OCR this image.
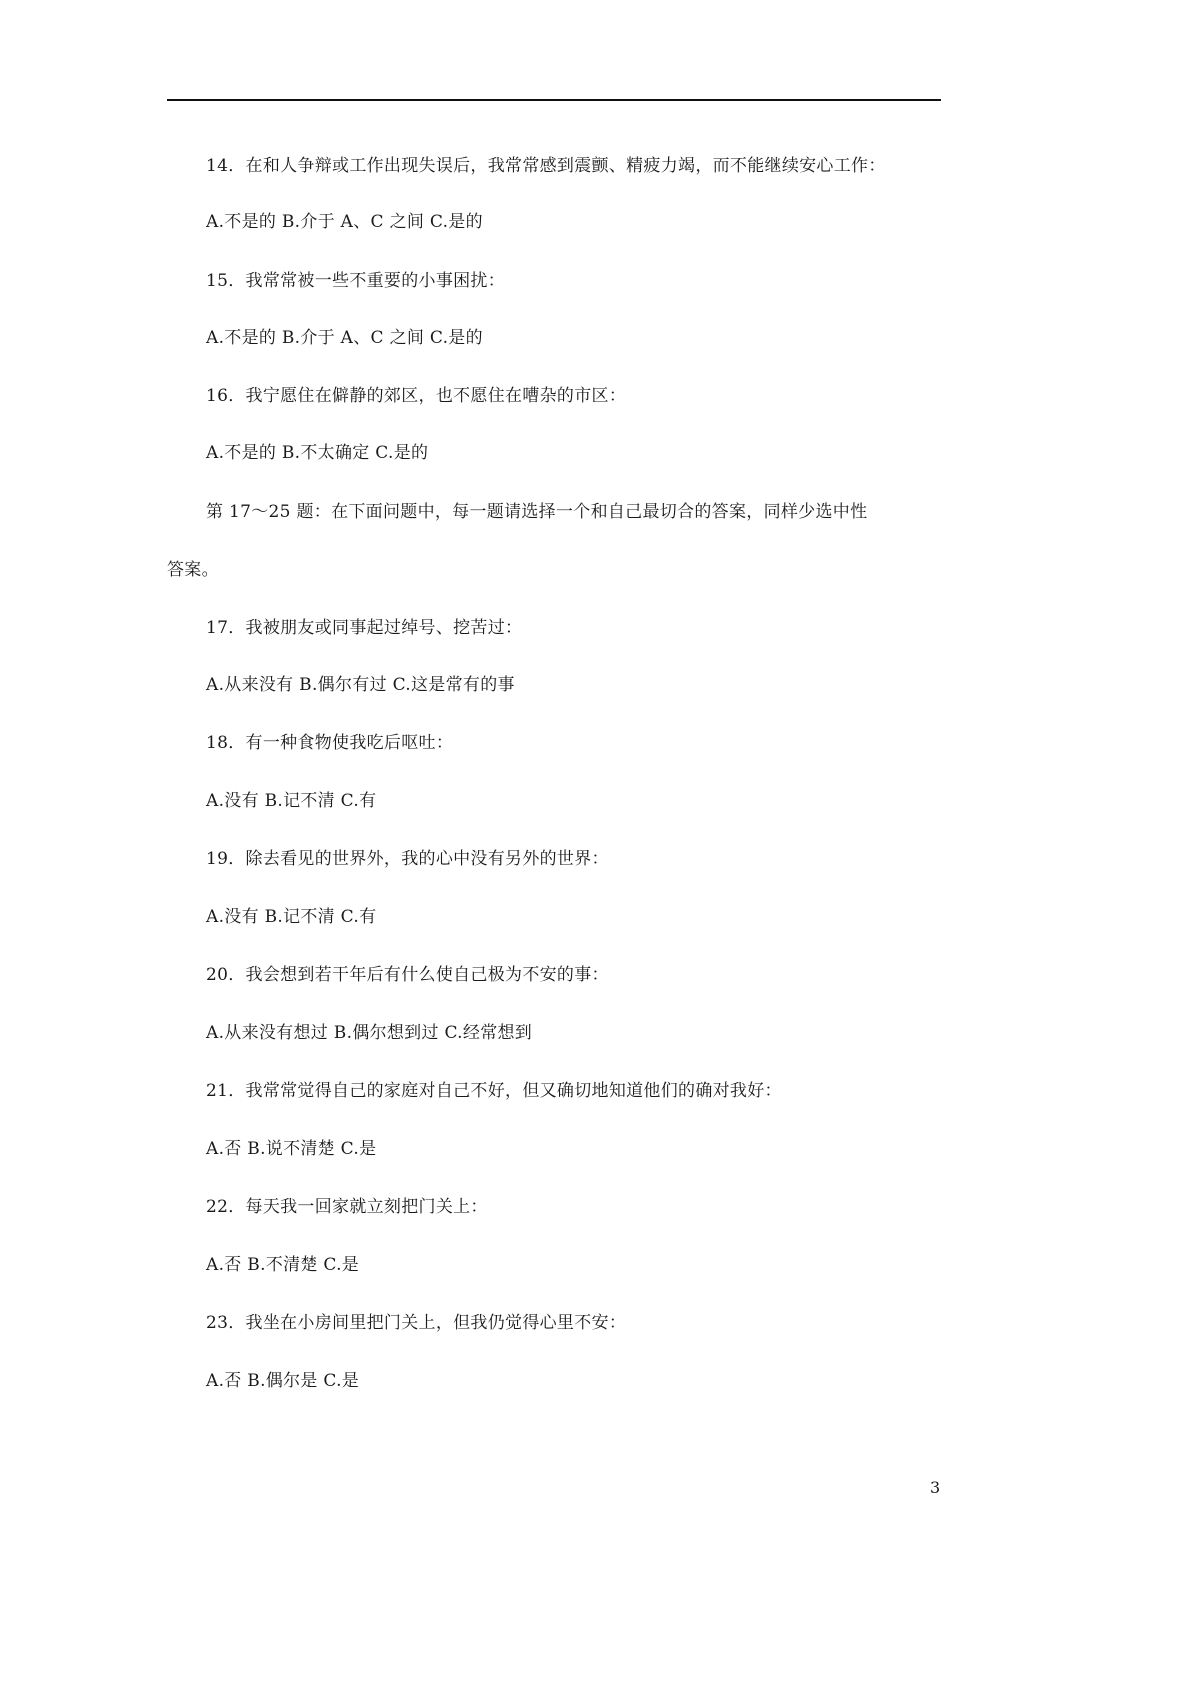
14．在和人争辩或工作出现失误后，我常常感到震颤、精疲力竭，而不能继续安心工作：
A.不是的 B.介于 A、C 之间 C.是的
15．我常常被一些不重要的小事困扰：
A.不是的 B.介于 A、C 之间 C.是的
16．我宁愿住在僻静的郊区，也不愿住在嘈杂的市区：
A.不是的 B.不太确定 C.是的
第 17～25 题：在下面问题中，每一题请选择一个和自己最切合的答案，同样少选中性
答案。
17．我被朋友或同事起过绰号、挖苦过：
A.从来没有 B.偶尔有过 C.这是常有的事
18．有一种食物使我吃后呕吐：
A.没有 B.记不清 C.有
19．除去看见的世界外，我的心中没有另外的世界：
A.没有 B.记不清 C.有
20．我会想到若干年后有什么使自己极为不安的事：
A.从来没有想过 B.偶尔想到过 C.经常想到
21．我常常觉得自己的家庭对自己不好，但又确切地知道他们的确对我好：
A.否 B.说不清楚 C.是
22．每天我一回家就立刻把门关上：
A.否 B.不清楚 C.是
23．我坐在小房间里把门关上，但我仍觉得心里不安：
A.否 B.偶尔是 C.是
3
